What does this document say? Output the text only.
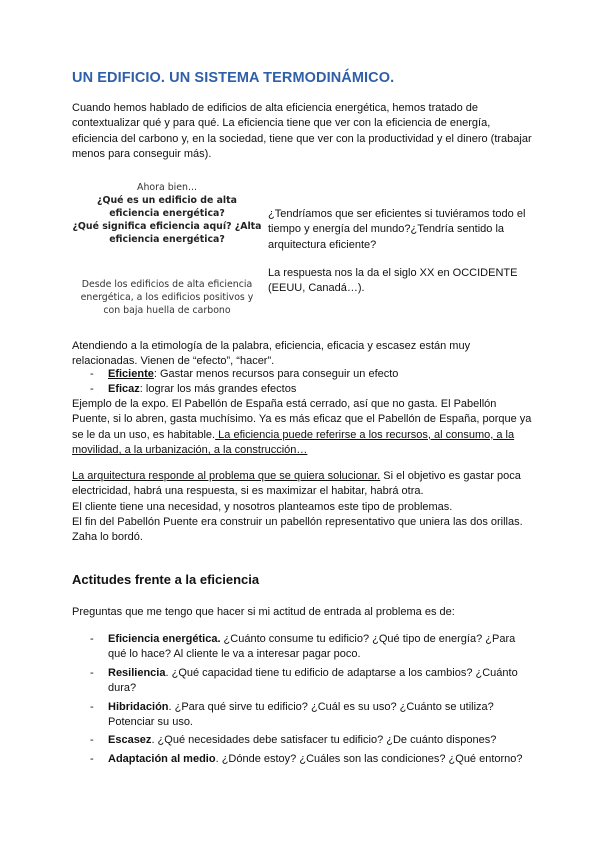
UN EDIFICIO. UN SISTEMA TERMODINÁMICO.

Cuando hemos hablado de edificios de alta eficiencia energética, hemos tratado de contextualizar qué y para qué. La eficiencia tiene que ver con la eficiencia de energía, eficiencia del carbono y, en la sociedad, tiene que ver con la productividad y el dinero (trabajar menos para conseguir más).

Ahora bien...
¿Qué es un edificio de alta eficiencia energética?
¿Qué significa eficiencia aquí? ¿Alta eficiencia energética?
Desde los edificios de alta eficiencia energética, a los edificios positivos y con baja huella de carbono

¿Tendríamos que ser eficientes si tuviéramos todo el tiempo y energía del mundo?¿Tendría sentido la arquitectura eficiente?

La respuesta nos la da el siglo XX en OCCIDENTE (EEUU, Canadá…).

Atendiendo a la etimología de la palabra, eficiencia, eficacia y escasez están muy relacionadas. Vienen de “efecto”, “hacer”.

- Eficiente: Gastar menos recursos para conseguir un efecto
- Eficaz: lograr los más grandes efectos

Ejemplo de la expo. El Pabellón de España está cerrado, así que no gasta. El Pabellón Puente, si lo abren, gasta muchísimo. Ya es más eficaz que el Pabellón de España, porque ya se le da un uso, es habitable. La eficiencia puede referirse a los recursos, al consumo, a la movilidad, a la urbanización, a la construcción…

La arquitectura responde al problema que se quiera solucionar. Si el objetivo es gastar poca electricidad, habrá una respuesta, si es maximizar el habitar, habrá otra.

El cliente tiene una necesidad, y nosotros planteamos este tipo de problemas.

El fin del Pabellón Puente era construir un pabellón representativo que uniera las dos orillas. Zaha lo bordó.

Actitudes frente a la eficiencia

Preguntas que me tengo que hacer si mi actitud de entrada al problema es de:

- Eficiencia energética. ¿Cuánto consume tu edificio? ¿Qué tipo de energía? ¿Para qué lo hace? Al cliente le va a interesar pagar poco.
- Resiliencia. ¿Qué capacidad tiene tu edificio de adaptarse a los cambios? ¿Cuánto dura?
- Hibridación. ¿Para qué sirve tu edificio? ¿Cuál es su uso? ¿Cuánto se utiliza? Potenciar su uso.
- Escasez. ¿Qué necesidades debe satisfacer tu edificio? ¿De cuánto dispones?
- Adaptación al medio. ¿Dónde estoy? ¿Cuáles son las condiciones? ¿Qué entorno?
